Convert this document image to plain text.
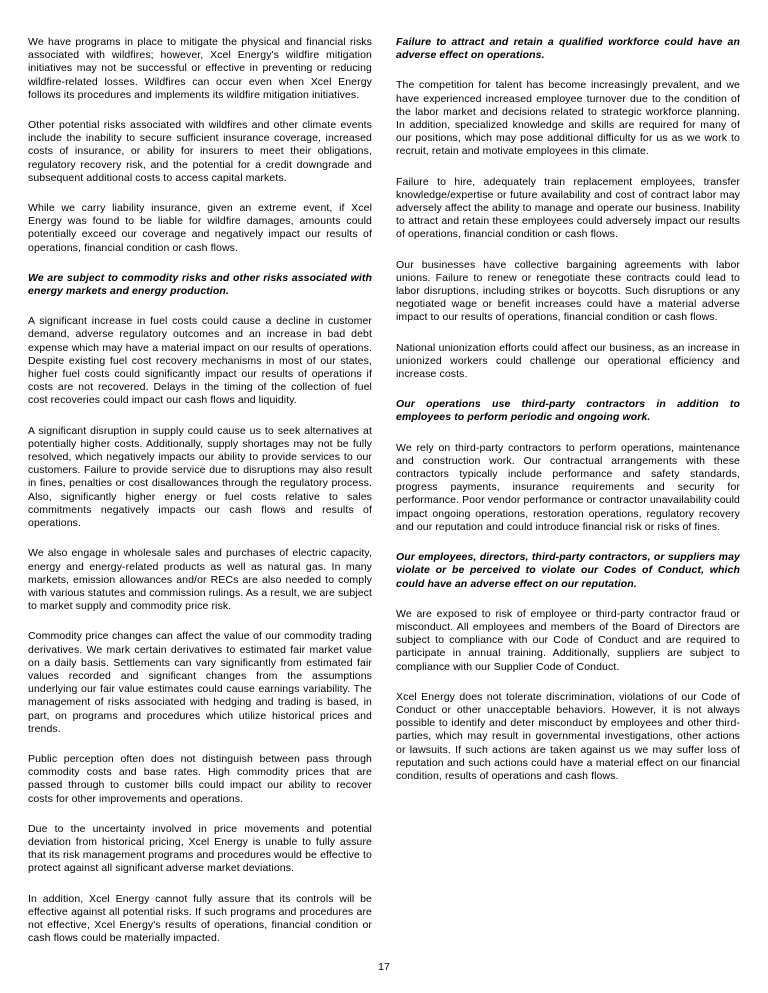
We have programs in place to mitigate the physical and financial risks associated with wildfires; however, Xcel Energy's wildfire mitigation initiatives may not be successful or effective in preventing or reducing wildfire-related losses. Wildfires can occur even when Xcel Energy follows its procedures and implements its wildfire mitigation initiatives.

Other potential risks associated with wildfires and other climate events include the inability to secure sufficient insurance coverage, increased costs of insurance, or ability for insurers to meet their obligations, regulatory recovery risk, and the potential for a credit downgrade and subsequent additional costs to access capital markets.

While we carry liability insurance, given an extreme event, if Xcel Energy was found to be liable for wildfire damages, amounts could potentially exceed our coverage and negatively impact our results of operations, financial condition or cash flows.

We are subject to commodity risks and other risks associated with energy markets and energy production.

A significant increase in fuel costs could cause a decline in customer demand, adverse regulatory outcomes and an increase in bad debt expense which may have a material impact on our results of operations. Despite existing fuel cost recovery mechanisms in most of our states, higher fuel costs could significantly impact our results of operations if costs are not recovered. Delays in the timing of the collection of fuel cost recoveries could impact our cash flows and liquidity.

A significant disruption in supply could cause us to seek alternatives at potentially higher costs. Additionally, supply shortages may not be fully resolved, which negatively impacts our ability to provide services to our customers. Failure to provide service due to disruptions may also result in fines, penalties or cost disallowances through the regulatory process. Also, significantly higher energy or fuel costs relative to sales commitments negatively impacts our cash flows and results of operations.

We also engage in wholesale sales and purchases of electric capacity, energy and energy-related products as well as natural gas. In many markets, emission allowances and/or RECs are also needed to comply with various statutes and commission rulings. As a result, we are subject to market supply and commodity price risk.

Commodity price changes can affect the value of our commodity trading derivatives. We mark certain derivatives to estimated fair market value on a daily basis. Settlements can vary significantly from estimated fair values recorded and significant changes from the assumptions underlying our fair value estimates could cause earnings variability. The management of risks associated with hedging and trading is based, in part, on programs and procedures which utilize historical prices and trends.

Public perception often does not distinguish between pass through commodity costs and base rates. High commodity prices that are passed through to customer bills could impact our ability to recover costs for other improvements and operations.

Due to the uncertainty involved in price movements and potential deviation from historical pricing, Xcel Energy is unable to fully assure that its risk management programs and procedures would be effective to protect against all significant adverse market deviations.

In addition, Xcel Energy cannot fully assure that its controls will be effective against all potential risks. If such programs and procedures are not effective, Xcel Energy's results of operations, financial condition or cash flows could be materially impacted.

Failure to attract and retain a qualified workforce could have an adverse effect on operations.

The competition for talent has become increasingly prevalent, and we have experienced increased employee turnover due to the condition of the labor market and decisions related to strategic workforce planning. In addition, specialized knowledge and skills are required for many of our positions, which may pose additional difficulty for us as we work to recruit, retain and motivate employees in this climate.

Failure to hire, adequately train replacement employees, transfer knowledge/expertise or future availability and cost of contract labor may adversely affect the ability to manage and operate our business. Inability to attract and retain these employees could adversely impact our results of operations, financial condition or cash flows.

Our businesses have collective bargaining agreements with labor unions. Failure to renew or renegotiate these contracts could lead to labor disruptions, including strikes or boycotts. Such disruptions or any negotiated wage or benefit increases could have a material adverse impact to our results of operations, financial condition or cash flows.

National unionization efforts could affect our business, as an increase in unionized workers could challenge our operational efficiency and increase costs.

Our operations use third-party contractors in addition to employees to perform periodic and ongoing work.

We rely on third-party contractors to perform operations, maintenance and construction work. Our contractual arrangements with these contractors typically include performance and safety standards, progress payments, insurance requirements and security for performance. Poor vendor performance or contractor unavailability could impact ongoing operations, restoration operations, regulatory recovery and our reputation and could introduce financial risk or risks of fines.

Our employees, directors, third-party contractors, or suppliers may violate or be perceived to violate our Codes of Conduct, which could have an adverse effect on our reputation.

We are exposed to risk of employee or third-party contractor fraud or misconduct. All employees and members of the Board of Directors are subject to compliance with our Code of Conduct and are required to participate in annual training. Additionally, suppliers are subject to compliance with our Supplier Code of Conduct.

Xcel Energy does not tolerate discrimination, violations of our Code of Conduct or other unacceptable behaviors. However, it is not always possible to identify and deter misconduct by employees and other third-parties, which may result in governmental investigations, other actions or lawsuits. If such actions are taken against us we may suffer loss of reputation and such actions could have a material effect on our financial condition, results of operations and cash flows.

17
